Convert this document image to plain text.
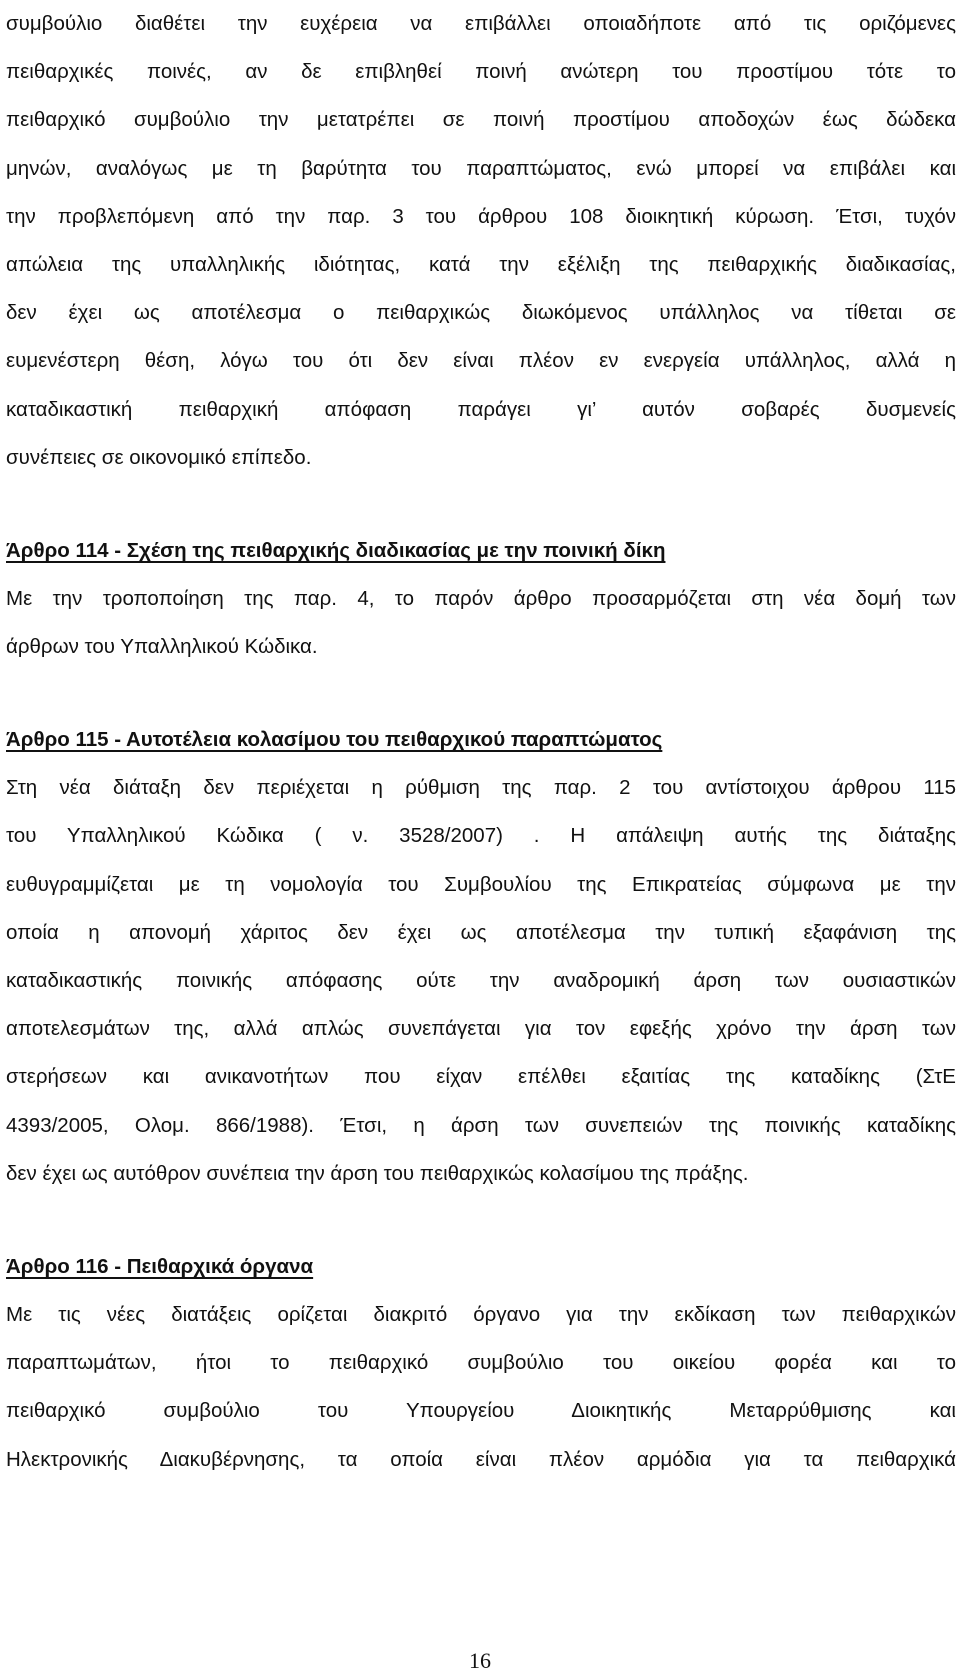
συμβούλιο διαθέτει την ευχέρεια να επιβάλλει οποιαδήποτε από τις οριζόμενες
πειθαρχικές ποινές, αν δε επιβληθεί ποινή ανώτερη του προστίμου τότε το
πειθαρχικό συμβούλιο την μετατρέπει σε ποινή προστίμου αποδοχών έως δώδεκα
μηνών, αναλόγως με τη βαρύτητα του παραπτώματος, ενώ μπορεί να επιβάλει και
την προβλεπόμενη από την παρ. 3 του άρθρου 108 διοικητική κύρωση. Έτσι, τυχόν
απώλεια της υπαλληλικής ιδιότητας, κατά την εξέλιξη της πειθαρχικής διαδικασίας,
δεν έχει ως αποτέλεσμα ο πειθαρχικώς διωκόμενος υπάλληλος να τίθεται σε
ευμενέστερη θέση, λόγω του ότι δεν είναι πλέον εν ενεργεία υπάλληλος, αλλά η
καταδικαστική πειθαρχική απόφαση παράγει γι’ αυτόν σοβαρές δυσμενείς
συνέπειες σε οικονομικό επίπεδο.
Άρθρο 114 - Σχέση της πειθαρχικής διαδικασίας με την ποινική δίκη
Με την τροποποίηση της παρ. 4, το παρόν άρθρο προσαρμόζεται στη νέα δομή των
άρθρων του Υπαλληλικού Κώδικα.
Άρθρο 115 - Αυτοτέλεια κολασίμου του πειθαρχικού παραπτώματος
Στη νέα διάταξη δεν περιέχεται η ρύθμιση της παρ. 2 του αντίστοιχου άρθρου 115
του Υπαλληλικού Κώδικα ( ν. 3528/2007) . Η απάλειψη αυτής της διάταξης
ευθυγραμμίζεται με τη νομολογία του Συμβουλίου της Επικρατείας σύμφωνα με την
οποία η απονομή χάριτος δεν έχει ως αποτέλεσμα την τυπική εξαφάνιση της
καταδικαστικής ποινικής απόφασης ούτε την αναδρομική άρση των ουσιαστικών
αποτελεσμάτων της, αλλά απλώς συνεπάγεται για τον εφεξής χρόνο την άρση των
στερήσεων και ανικανοτήτων που είχαν επέλθει εξαιτίας της καταδίκης (ΣτΕ
4393/2005, Ολομ. 866/1988). Έτσι, η άρση των συνεπειών της ποινικής καταδίκης
δεν έχει ως αυτόθρον συνέπεια την άρση του πειθαρχικώς κολασίμου της πράξης.
Άρθρο 116 - Πειθαρχικά όργανα
Με τις νέες διατάξεις ορίζεται διακριτό όργανο για την εκδίκαση των πειθαρχικών
παραπτωμάτων, ήτοι το πειθαρχικό συμβούλιο του οικείου φορέα και το
πειθαρχικό συμβούλιο του Υπουργείου Διοικητικής Μεταρρύθμισης και
Ηλεκτρονικής Διακυβέρνησης, τα οποία είναι πλέον αρμόδια για τα πειθαρχικά
16
